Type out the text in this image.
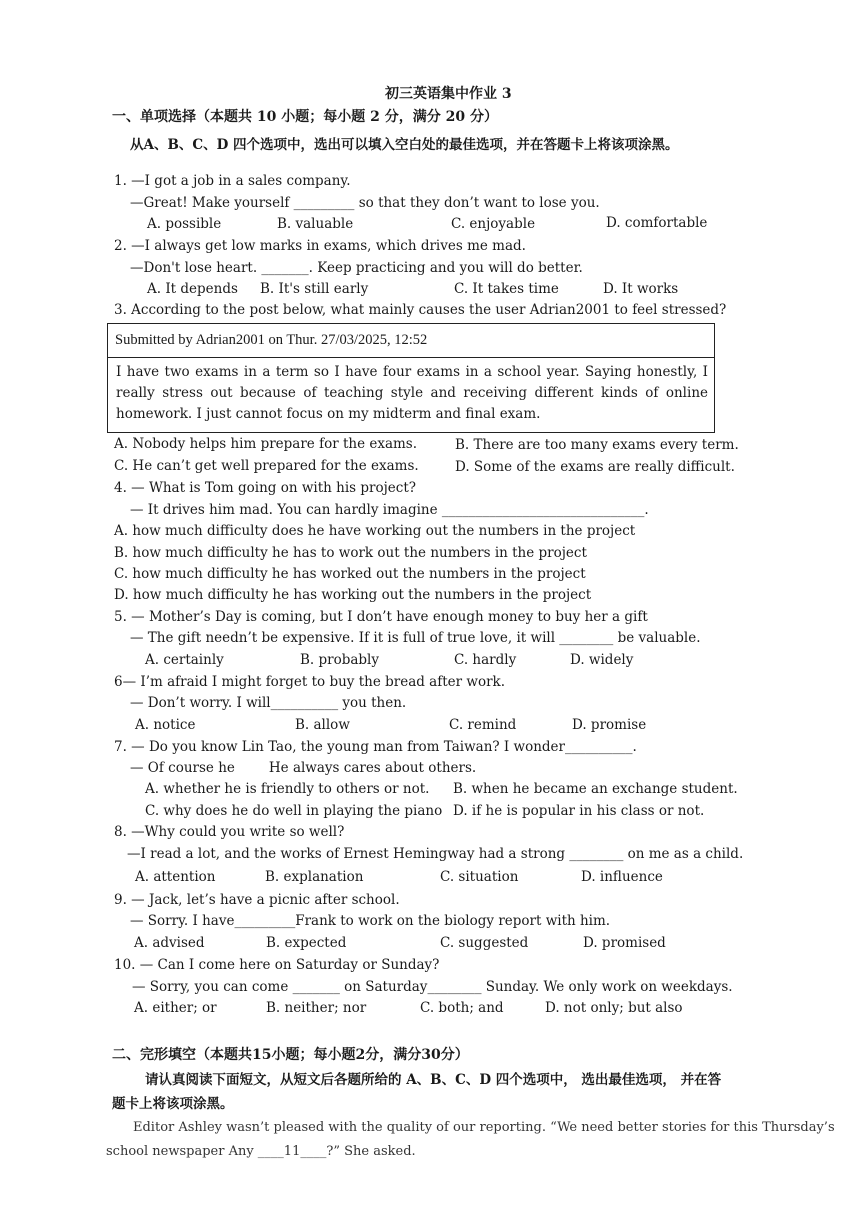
初三英语集中作业 3
一、单项选择（本题共 10 小题；每小题 2 分，满分 20 分）
从A、B、C、D 四个选项中，选出可以填入空白处的最佳选项，并在答题卡上将该项涂黑。
1. —I got a job in a sales company.
—Great! Make yourself _________ so that they don’t want to lose you.
A. possible	B. valuable	C. enjoyable	D. comfortable
2. —I always get low marks in exams, which drives me mad.
—Don't lose heart. _______. Keep practicing and you will do better.
A. It depends B. It's still early	C. It takes time	D. It works
3. According to the post below, what mainly causes the user Adrian2001 to feel stressed?
Submitted by Adrian2001 on Thur. 27/03/2025, 12:52
I have two exams in a term so I have four exams in a school year. Saying honestly, I really stress out because of teaching style and receiving different kinds of online homework. I just cannot focus on my midterm and final exam.
A. Nobody helps him prepare for the exams.	B. There are too many exams every term.
C. He can’t get well prepared for the exams.	D. Some of the exams are really difficult.
4. — What is Tom going on with his project?
— It drives him mad. You can hardly imagine ______________________________.
A. how much difficulty does he have working out the numbers in the project
B. how much difficulty he has to work out the numbers in the project
C. how much difficulty he has worked out the numbers in the project
D. how much difficulty he has working out the numbers in the project
5. — Mother’s Day is coming, but I don’t have enough money to buy her a gift
— The gift needn’t be expensive. If it is full of true love, it will ________ be valuable.
A. certainly	B. probably	C. hardly	D. widely
6— I’m afraid I might forget to buy the bread after work.
— Don’t worry. I will__________ you then.
A. notice	B. allow	C. remind	D. promise
7. — Do you know Lin Tao, the young man from Taiwan? I wonder__________.
— Of course he	He always cares about others.
A. whether he is friendly to others or not. B. when he became an exchange student.
C. why does he do well in playing the piano D. if he is popular in his class or not.
8. —Why could you write so well?
—I read a lot, and the works of Ernest Hemingway had a strong ________ on me as a child.
A. attention	B. explanation	C. situation	D. influence
9. — Jack, let’s have a picnic after school.
— Sorry. I have_________Frank to work on the biology report with him.
A. advised	B. expected	C. suggested	D. promised
10. — Can I come here on Saturday or Sunday?
— Sorry, you can come _______ on Saturday________ Sunday. We only work on weekdays.
A. either; or	B. neither; nor	C. both; and	D. not only; but also
二、完形填空（本题共15小题；每小题2分，满分30分）
请认真阅读下面短文，从短文后各题所给的 A、B、C、D 四个选项中， 选出最佳选项， 并在答
题卡上将该项涂黑。
Editor Ashley wasn’t pleased with the quality of our reporting. “We need better stories for this Thursday’s
school newspaper Any ____11____?” She asked.
